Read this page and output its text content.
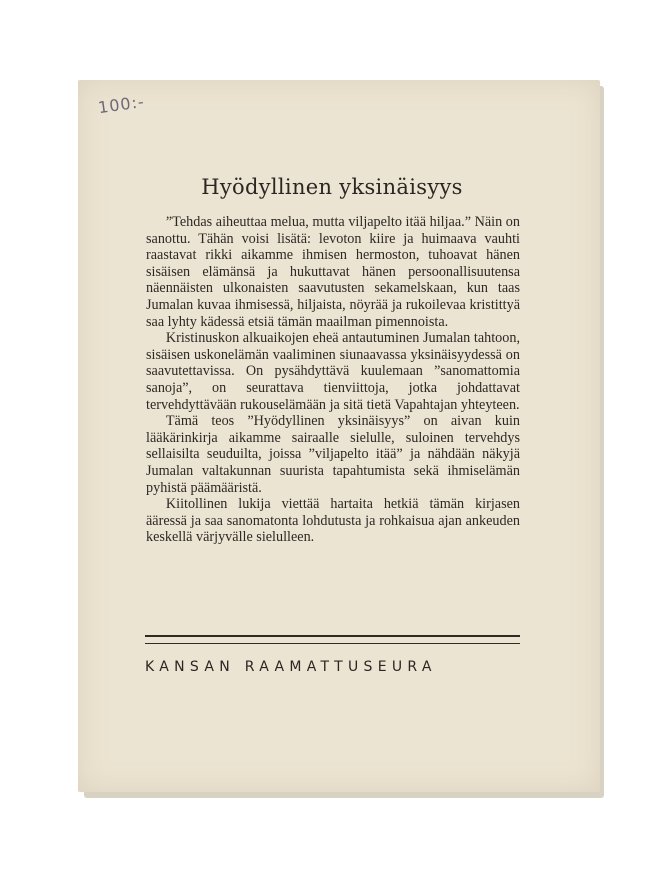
100:-
Hyödyllinen yksinäisyys

”Tehdas aiheuttaa melua, mutta viljapelto itää hiljaa.” Näin on sanottu. Tähän voisi lisätä: levoton kiire ja huimaava vauhti raastavat rikki aikamme ihmisen hermoston, tuhoavat hänen sisäisen elämänsä ja hukuttavat hänen persoonallisuutensa näennäisten ulkonaisten saavutusten sekamelskaan, kun taas Jumalan kuvaa ihmisessä, hiljaista, nöyrää ja rukoilevaa kristittyä saa lyhty kädessä etsiä tämän maailman pimennoista.

Kristinuskon alkuaikojen eheä antautuminen Jumalan tahtoon, sisäisen uskonelämän vaaliminen siunaavassa yksinäisyydessä on saavutettavissa. On pysähdyttävä kuulemaan ”sanomattomia sanoja”, on seurattava tienviittoja, jotka johdattavat tervehdyttävään rukouselämään ja sitä tietä Vapahtajan yhteyteen.

Tämä teos ”Hyödyllinen yksinäisyys” on aivan kuin lääkärinkirja aikamme sairaalle sielulle, suloinen tervehdys sellaisilta seuduilta, joissa ”viljapelto itää” ja nähdään näkyjä Jumalan valtakunnan suurista tapahtumista sekä ihmiselämän pyhistä päämääristä.

Kiitollinen lukija viettää hartaita hetkiä tämän kirjasen ääressä ja saa sanomatonta lohdutusta ja rohkaisua ajan ankeuden keskellä värjyvälle sielulleen.

KANSAN RAAMATTUSEURA
